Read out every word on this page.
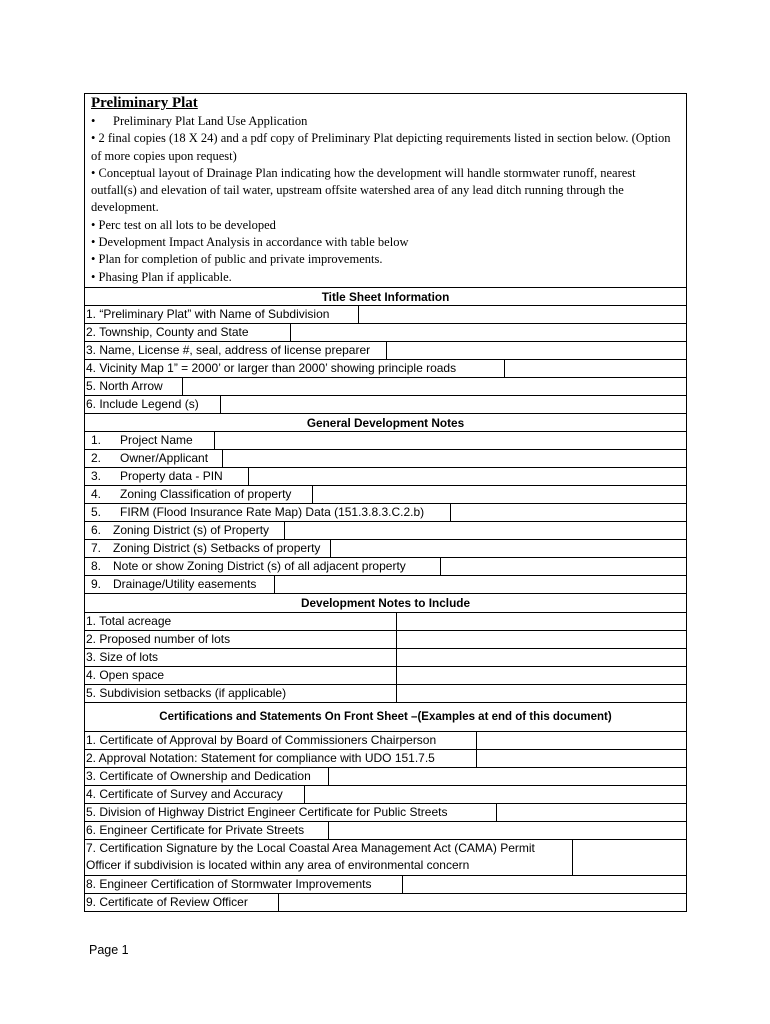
Preliminary Plat
• Preliminary Plat Land Use Application
• 2 final copies (18 X 24) and a pdf copy of Preliminary Plat depicting requirements listed in section below. (Option of more copies upon request)
• Conceptual layout of Drainage Plan indicating how the development will handle stormwater runoff, nearest outfall(s) and elevation of tail water, upstream offsite watershed area of any lead ditch running through the development.
• Perc test on all lots to be developed
• Development Impact Analysis in accordance with table below
• Plan for completion of public and private improvements.
• Phasing Plan if applicable.
Title Sheet Information
1. “Preliminary Plat” with Name of Subdivision
2. Township, County and State
3. Name, License #, seal, address of license preparer
4. Vicinity Map 1” = 2000’ or larger than 2000’ showing principle roads
5. North Arrow
6. Include Legend (s)
General Development Notes
1. Project Name
2. Owner/Applicant
3. Property data - PIN
4. Zoning Classification of property
5. FIRM (Flood Insurance Rate Map) Data (151.3.8.3.C.2.b)
6. Zoning District (s) of Property
7. Zoning District (s) Setbacks of property
8. Note or show Zoning District (s) of all adjacent property
9. Drainage/Utility easements
Development Notes to Include
1. Total acreage
2. Proposed number of lots
3. Size of lots
4. Open space
5. Subdivision setbacks (if applicable)
Certifications and Statements On Front Sheet –(Examples at end of this document)
1. Certificate of Approval by Board of Commissioners Chairperson
2. Approval Notation: Statement for compliance with UDO 151.7.5
3. Certificate of Ownership and Dedication
4. Certificate of Survey and Accuracy
5. Division of Highway District Engineer Certificate for Public Streets
6. Engineer Certificate for Private Streets
7. Certification Signature by the Local Coastal Area Management Act (CAMA) Permit Officer if subdivision is located within any area of environmental concern
8. Engineer Certification of Stormwater Improvements
9. Certificate of Review Officer
Page 1
